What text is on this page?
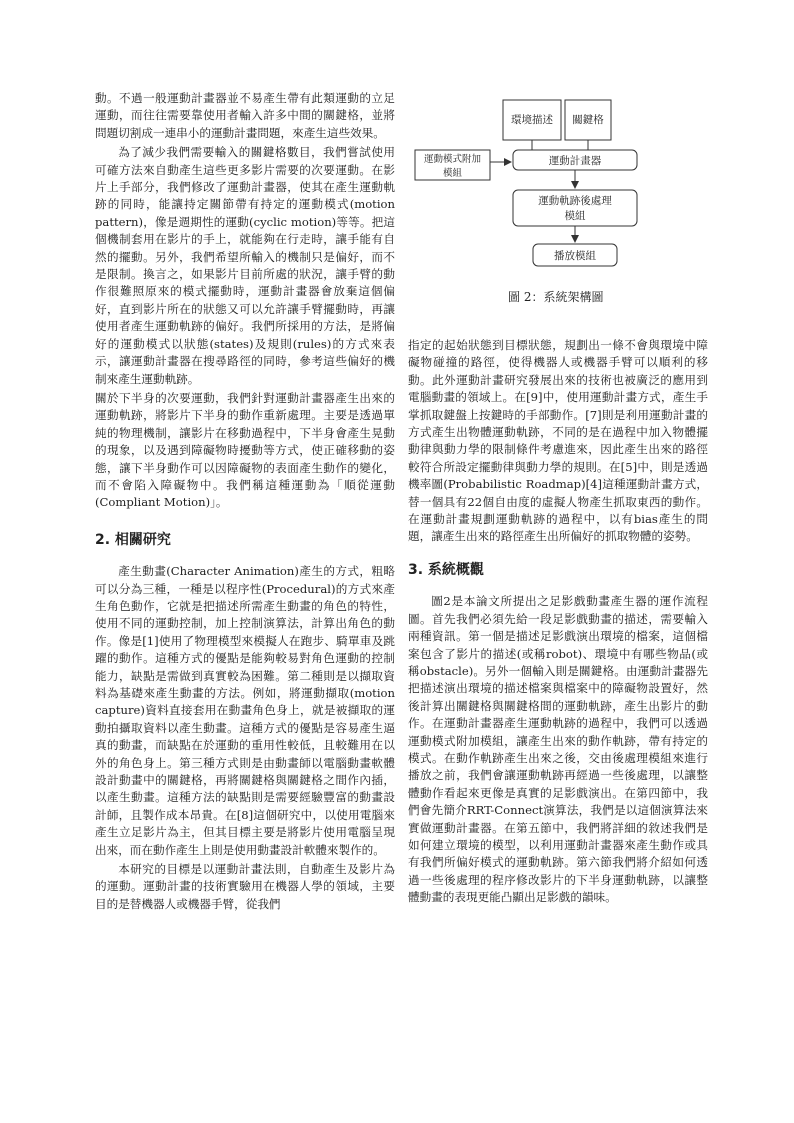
動。不過一般運動計畫器並不易產生帶有此類運動的立足運動，而往往需要靠使用者輸入許多中間的關鍵格，並將問題切割成一連串小的運動計畫問題，來產生這些效果。

為了減少我們需要輸入的關鍵格數目，我們嘗試使用可確方法來自動產生這些更多影片需要的次要運動。在影片上手部分，我們修改了運動計畫器，使其在產生運動軌跡的同時，能讓持定關節帶有持定的運動模式(motion pattern)，像是週期性的運動(cyclic motion)等等。把這個機制套用在影片的手上，就能夠在行走時，讓手能有自然的擺動。另外，我們希望所輸入的機制只是偏好，而不是限制。換言之，如果影片目前所處的狀況，讓手臂的動作很難照原來的模式擺動時，運動計畫器會放棄這個偏好，直到影片所在的狀態又可以允許讓手臂擺動時，再讓使用者產生運動軌跡的偏好。我們所採用的方法，是將偏好的運動模式以狀態(states)及規則(rules)的方式來表示，讓運動計畫器在搜尋路徑的同時，參考這些偏好的機制來產生運動軌跡。

關於下半身的次要運動，我們針對運動計畫器產生出來的運動軌跡，將影片下半身的動作重新處理。主要是透過單純的物理機制，讓影片在移動過程中，下半身會產生晃動的現象，以及遇到障礙物時擾動等方式，使正確移動的姿態，讓下半身動作可以因障礙物的表面產生動作的變化，而不會陷入障礙物中。我們稱這種運動為「順從運動(Compliant Motion)」。

2. 相關研究

產生動畫(Character Animation)產生的方式，粗略可以分為三種，一種是以程序性(Procedural)的方式來產生角色動作，它就是把描述所需產生動畫的角色的特性，使用不同的運動控制，加上控制演算法，計算出角色的動作。像是[1]使用了物理模型來模擬人在跑步、騎單車及跳躍的動作。這種方式的優點是能夠較易對角色運動的控制能力，缺點是需做到真實較為困難。第二種則是以擷取資料為基礎來產生動畫的方法。例如，將運動擷取(motion capture)資料直接套用在動畫角色身上，就是被擷取的運動拍攝取資料以產生動畫。這種方式的優點是容易產生逼真的動畫，而缺點在於運動的重用性較低，且較難用在以外的角色身上。第三種方式則是由動畫師以電腦動畫軟體設計動畫中的關鍵格，再將關鍵格與關鍵格之間作內插，以產生動畫。這種方法的缺點則是需要經驗豐富的動畫設計師，且製作成本昂貴。在[8]這個研究中，以使用電腦來產生立足影片為主，但其目標主要是將影片使用電腦呈現出來，而在動作產生上則是使用動畫設計軟體來製作的。

本研究的目標是以運動計畫法則，自動產生及影片為的運動。運動計畫的技術實驗用在機器人學的領域，主要目的是替機器人或機器手臂，從我們

環境描述	關鍵格
運動模式附加
模組
運動計畫器
運動軌跡後處理
模組
播放模組
圖 2：系統架構圖

指定的起始狀態到目標狀態，規劃出一條不會與環境中障礙物碰撞的路徑，使得機器人或機器手臂可以順利的移動。此外運動計畫研究發展出來的技術也被廣泛的應用到電腦動畫的領域上。在[9]中，使用運動計畫方式，產生手掌抓取鍵盤上按鍵時的手部動作。[7]則是利用運動計畫的方式產生出物體運動軌跡，不同的是在過程中加入物體擺動律與動力學的限制條件考慮進來，因此產生出來的路徑較符合所設定擺動律與動力學的規則。在[5]中，則是透過機率圖(Probabilistic Roadmap)[4]這種運動計畫方式，替一個具有22個自由度的虛擬人物產生抓取東西的動作。在運動計畫規劃運動軌跡的過程中，以有bias產生的問題，讓產生出來的路徑產生出所偏好的抓取物體的姿勢。

3. 系統概觀

圖2是本論文所提出之足影戲動畫產生器的運作流程圖。首先我們必須先給一段足影戲動畫的描述，需要輸入兩種資訊。第一個是描述足影戲演出環境的檔案，這個檔案包含了影片的描述(或稱robot)、環境中有哪些物品(或稱obstacle)。另外一個輸入則是關鍵格。由運動計畫器先把描述演出環境的描述檔案與檔案中的障礙物設置好，然後計算出關鍵格與關鍵格間的運動軌跡，產生出影片的動作。在運動計畫器產生運動軌跡的過程中，我們可以透過運動模式附加模組，讓產生出來的動作軌跡，帶有持定的模式。在動作軌跡產生出來之後，交由後處理模組來進行播放之前，我們會讓運動軌跡再經過一些後處理，以讓整體動作看起來更像是真實的足影戲演出。在第四節中，我們會先簡介RRT-Connect演算法，我們是以這個演算法來實做運動計畫器。在第五節中，我們將詳細的敘述我們是如何建立環境的模型，以利用運動計畫器來產生動作或具有我們所偏好模式的運動軌跡。第六節我們將介紹如何透過一些後處理的程序修改影片的下半身運動軌跡，以讓整體動畫的表現更能凸顯出足影戲的韻味。
